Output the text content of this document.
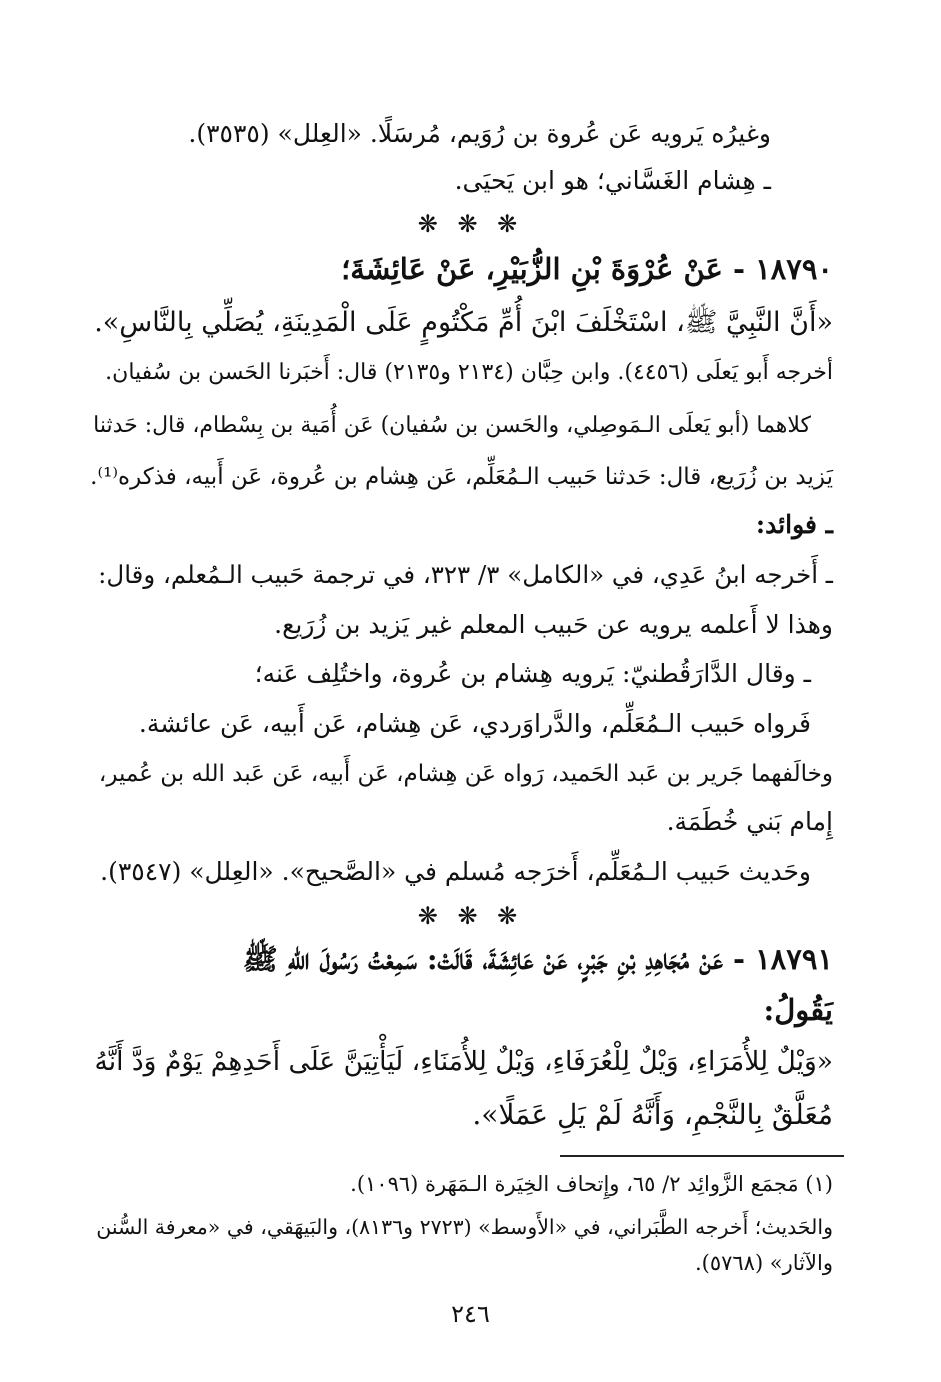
وغيرُه يَرويه عَن عُروة بن رُوَيم، مُرسَلًا. «العِلل» (٣٥٣٥).
ـ هِشام الغَسَّاني؛ هو ابن يَحيَى.
❋ ❋ ❋
١٨٧٩٠ - عَنْ عُرْوَةَ بْنِ الزُّبَيْرِ، عَنْ عَائِشَةَ؛
«أَنَّ النَّبِيَّ ﷺ، اسْتَخْلَفَ ابْنَ أُمِّ مَكْتُومٍ عَلَى الْمَدِينَةِ، يُصَلِّي بِالنَّاسِ».
أخرجه أَبو يَعلَى (٤٤٥٦). وابن حِبَّان (٢١٣٤ و٢١٣٥) قال: أَخبَرنا الحَسن بن سُفيان.
كلاهما (أبو يَعلَى الـمَوصِلي، والحَسن بن سُفيان) عَن أُمَية بن بِسْطام، قال: حَدثنا
يَزيد بن زُرَيع، قال: حَدثنا حَبيب الـمُعَلِّم، عَن هِشام بن عُروة، عَن أَبيه، فذكره⁽¹⁾.
ـ فوائد:
ـ أَخرجه ابنُ عَدِي، في «الكامل» ٣/ ٣٢٣، في ترجمة حَبيب الـمُعلم، وقال:
وهذا لا أَعلمه يرويه عن حَبيب المعلم غير يَزيد بن زُرَيع.
ـ وقال الدَّارَقُطنيّ: يَرويه هِشام بن عُروة، واختُلِف عَنه؛
فَرواه حَبيب الـمُعَلِّم، والدَّراوَردي، عَن هِشام، عَن أَبيه، عَن عائشة.
وخالَفهما جَرير بن عَبد الحَميد، رَواه عَن هِشام، عَن أَبيه، عَن عَبد الله بن عُمير،
إِمام بَني خُطَمَة.
وحَديث حَبيب الـمُعَلِّم، أَخرَجه مُسلم في «الصَّحيح». «العِلل» (٣٥٤٧).
❋ ❋ ❋
١٨٧٩١ - عَنْ مُجَاهِدِ بْنِ جَبْرٍ، عَنْ عَائِشَةَ، قَالَتْ: سَمِعْتُ رَسُولَ اللهِ ﷺ
يَقُولُ:
«وَيْلٌ لِلأُمَرَاءِ، وَيْلٌ لِلْعُرَفَاءِ، وَيْلٌ لِلأُمَنَاءِ، لَيَأْتِيَنَّ عَلَى أَحَدِهِمْ يَوْمٌ وَدَّ أَنَّهُ
مُعَلَّقٌ بِالنَّجْمِ، وَأَنَّهُ لَمْ يَلِ عَمَلًا».
(١) مَجمَع الزَّوائِد ٢/ ٦٥، وإِتحاف الخِيَرة الـمَهَرة (١٠٩٦).
والحَديث؛ أَخرجه الطَّبَراني، في «الأَوسط» (٢٧٢٣ و٨١٣٦)، والبَيهَقي، في «معرفة السُّنن
والآثار» (٥٧٦٨).
٢٤٦
